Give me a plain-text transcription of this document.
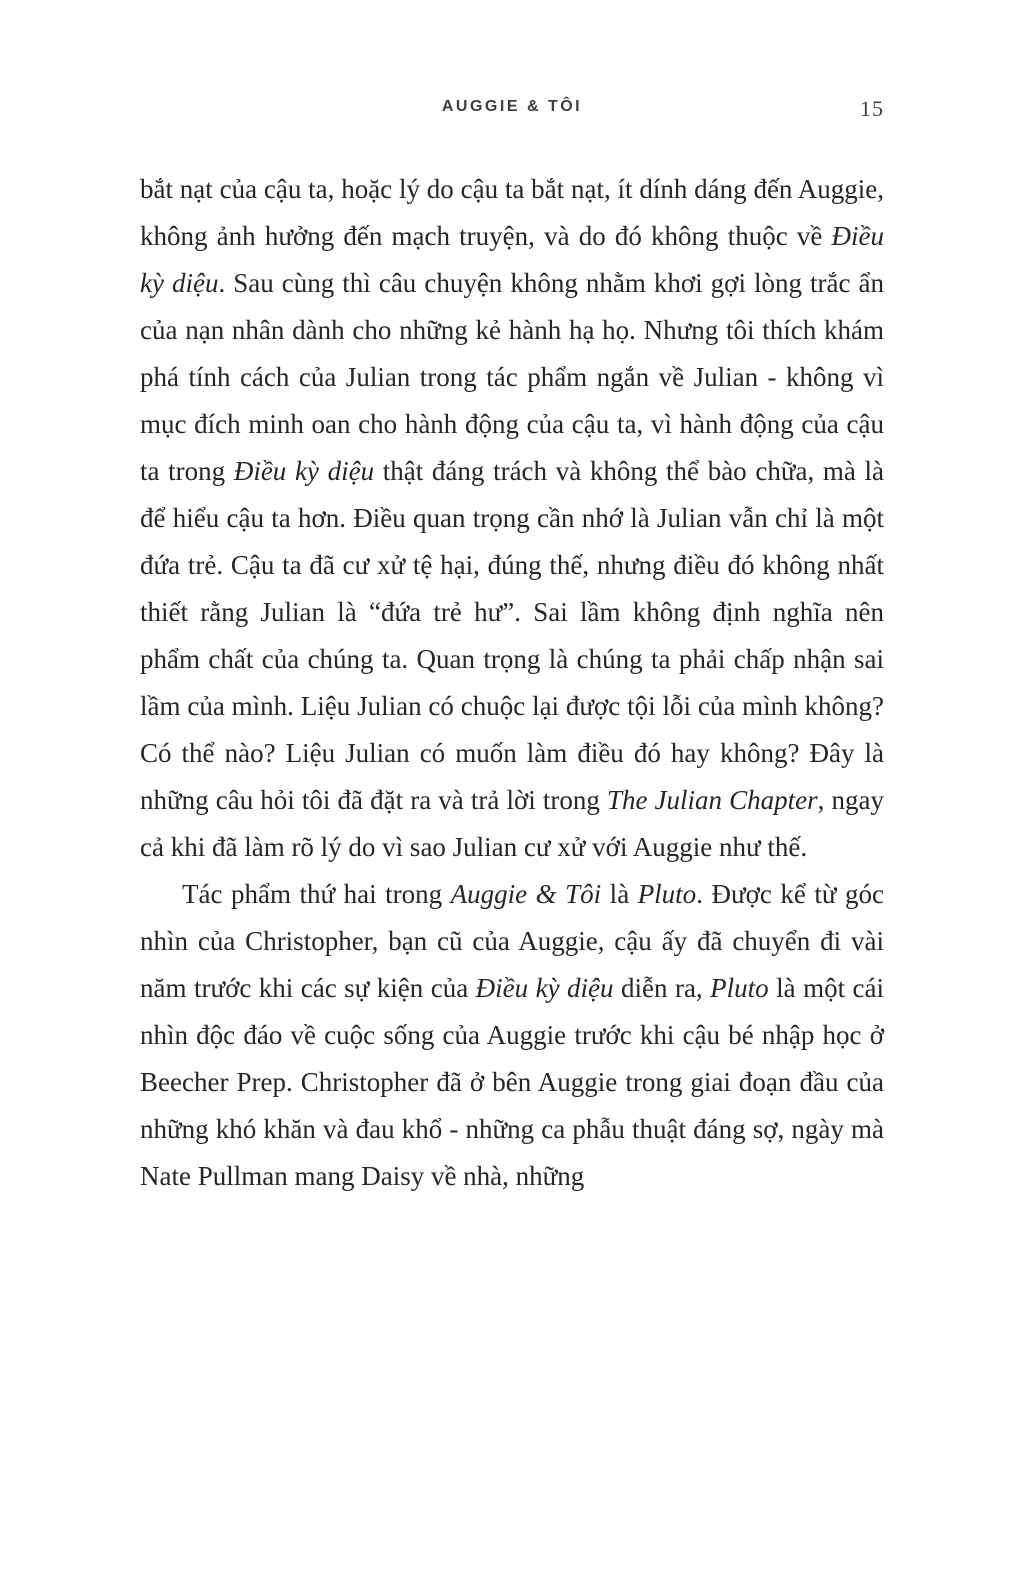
AUGGIE & TÔI	15

bắt nạt của cậu ta, hoặc lý do cậu ta bắt nạt, ít dính dáng đến Auggie, không ảnh hưởng đến mạch truyện, và do đó không thuộc về Điều kỳ diệu. Sau cùng thì câu chuyện không nhằm khơi gợi lòng trắc ẩn của nạn nhân dành cho những kẻ hành hạ họ. Nhưng tôi thích khám phá tính cách của Julian trong tác phẩm ngắn về Julian - không vì mục đích minh oan cho hành động của cậu ta, vì hành động của cậu ta trong Điều kỳ diệu thật đáng trách và không thể bào chữa, mà là để hiểu cậu ta hơn. Điều quan trọng cần nhớ là Julian vẫn chỉ là một đứa trẻ. Cậu ta đã cư xử tệ hại, đúng thế, nhưng điều đó không nhất thiết rằng Julian là “đứa trẻ hư”. Sai lầm không định nghĩa nên phẩm chất của chúng ta. Quan trọng là chúng ta phải chấp nhận sai lầm của mình. Liệu Julian có chuộc lại được tội lỗi của mình không? Có thể nào? Liệu Julian có muốn làm điều đó hay không? Đây là những câu hỏi tôi đã đặt ra và trả lời trong The Julian Chapter, ngay cả khi đã làm rõ lý do vì sao Julian cư xử với Auggie như thế.

Tác phẩm thứ hai trong Auggie & Tôi là Pluto. Được kể từ góc nhìn của Christopher, bạn cũ của Auggie, cậu ấy đã chuyển đi vài năm trước khi các sự kiện của Điều kỳ diệu diễn ra, Pluto là một cái nhìn độc đáo về cuộc sống của Auggie trước khi cậu bé nhập học ở Beecher Prep. Christopher đã ở bên Auggie trong giai đoạn đầu của những khó khăn và đau khổ - những ca phẫu thuật đáng sợ, ngày mà Nate Pullman mang Daisy về nhà, những
